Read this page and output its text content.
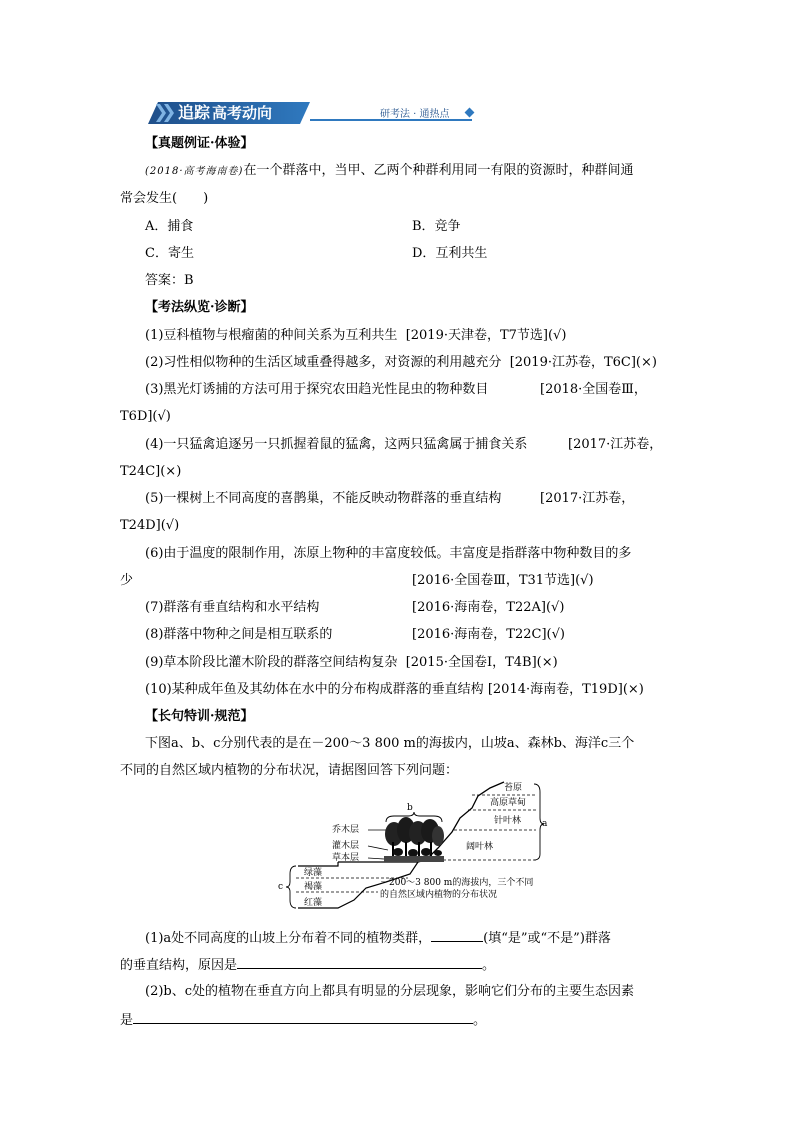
追踪 高考动向	研考法 · 通热点
【真题例证·体验】
(2018·高考海南卷)在一个群落中，当甲、乙两个种群利用同一有限的资源时，种群间通
常会发生(　　)
A．捕食	B．竞争
C．寄生	D．互利共生
答案：B
【考法纵览·诊断】
(1)豆科植物与根瘤菌的种间关系为互利共生 [2019·天津卷，T7节选](√)
(2)习性相似物种的生活区域重叠得越多，对资源的利用越充分 [2019·江苏卷，T6C](×)
(3)黑光灯诱捕的方法可用于探究农田趋光性昆虫的物种数目	[2018·全国卷Ⅲ，
T6D](√)
(4)一只猛禽追逐另一只抓握着鼠的猛禽，这两只猛禽属于捕食关系	[2017·江苏卷，
T24C](×)
(5)一棵树上不同高度的喜鹊巢，不能反映动物群落的垂直结构	[2017·江苏卷，
T24D](√)
(6)由于温度的限制作用，冻原上物种的丰富度较低。丰富度是指群落中物种数目的多
少	[2016·全国卷Ⅲ，T31节选](√)
(7)群落有垂直结构和水平结构	[2016·海南卷，T22A](√)
(8)群落中物种之间是相互联系的	[2016·海南卷，T22C](√)
(9)草本阶段比灌木阶段的群落空间结构复杂 [2015·全国卷Ⅰ，T4B](×)
(10)某种成年鱼及其幼体在水中的分布构成群落的垂直结构 [2014·海南卷，T19D](×)
【长句特训·规范】
下图a、b、c分别代表的是在－200～3 800 m的海拔内，山坡a、森林b、海洋c三个
不同的自然区域内植物的分布状况，请据图回答下列问题：
b
a
c
乔木层
灌木层
草本层
苔原
高原草甸
针叶林
阔叶林
绿藻
褐藻
红藻
－200～3 800 m的海拔内，三个不同
的自然区域内植物的分布状况
(1)a处不同高度的山坡上分布着不同的植物类群，	(填“是”或“不是”)群落
的垂直结构，原因是	。
(2)b、c处的植物在垂直方向上都具有明显的分层现象，影响它们分布的主要生态因素
是	。
